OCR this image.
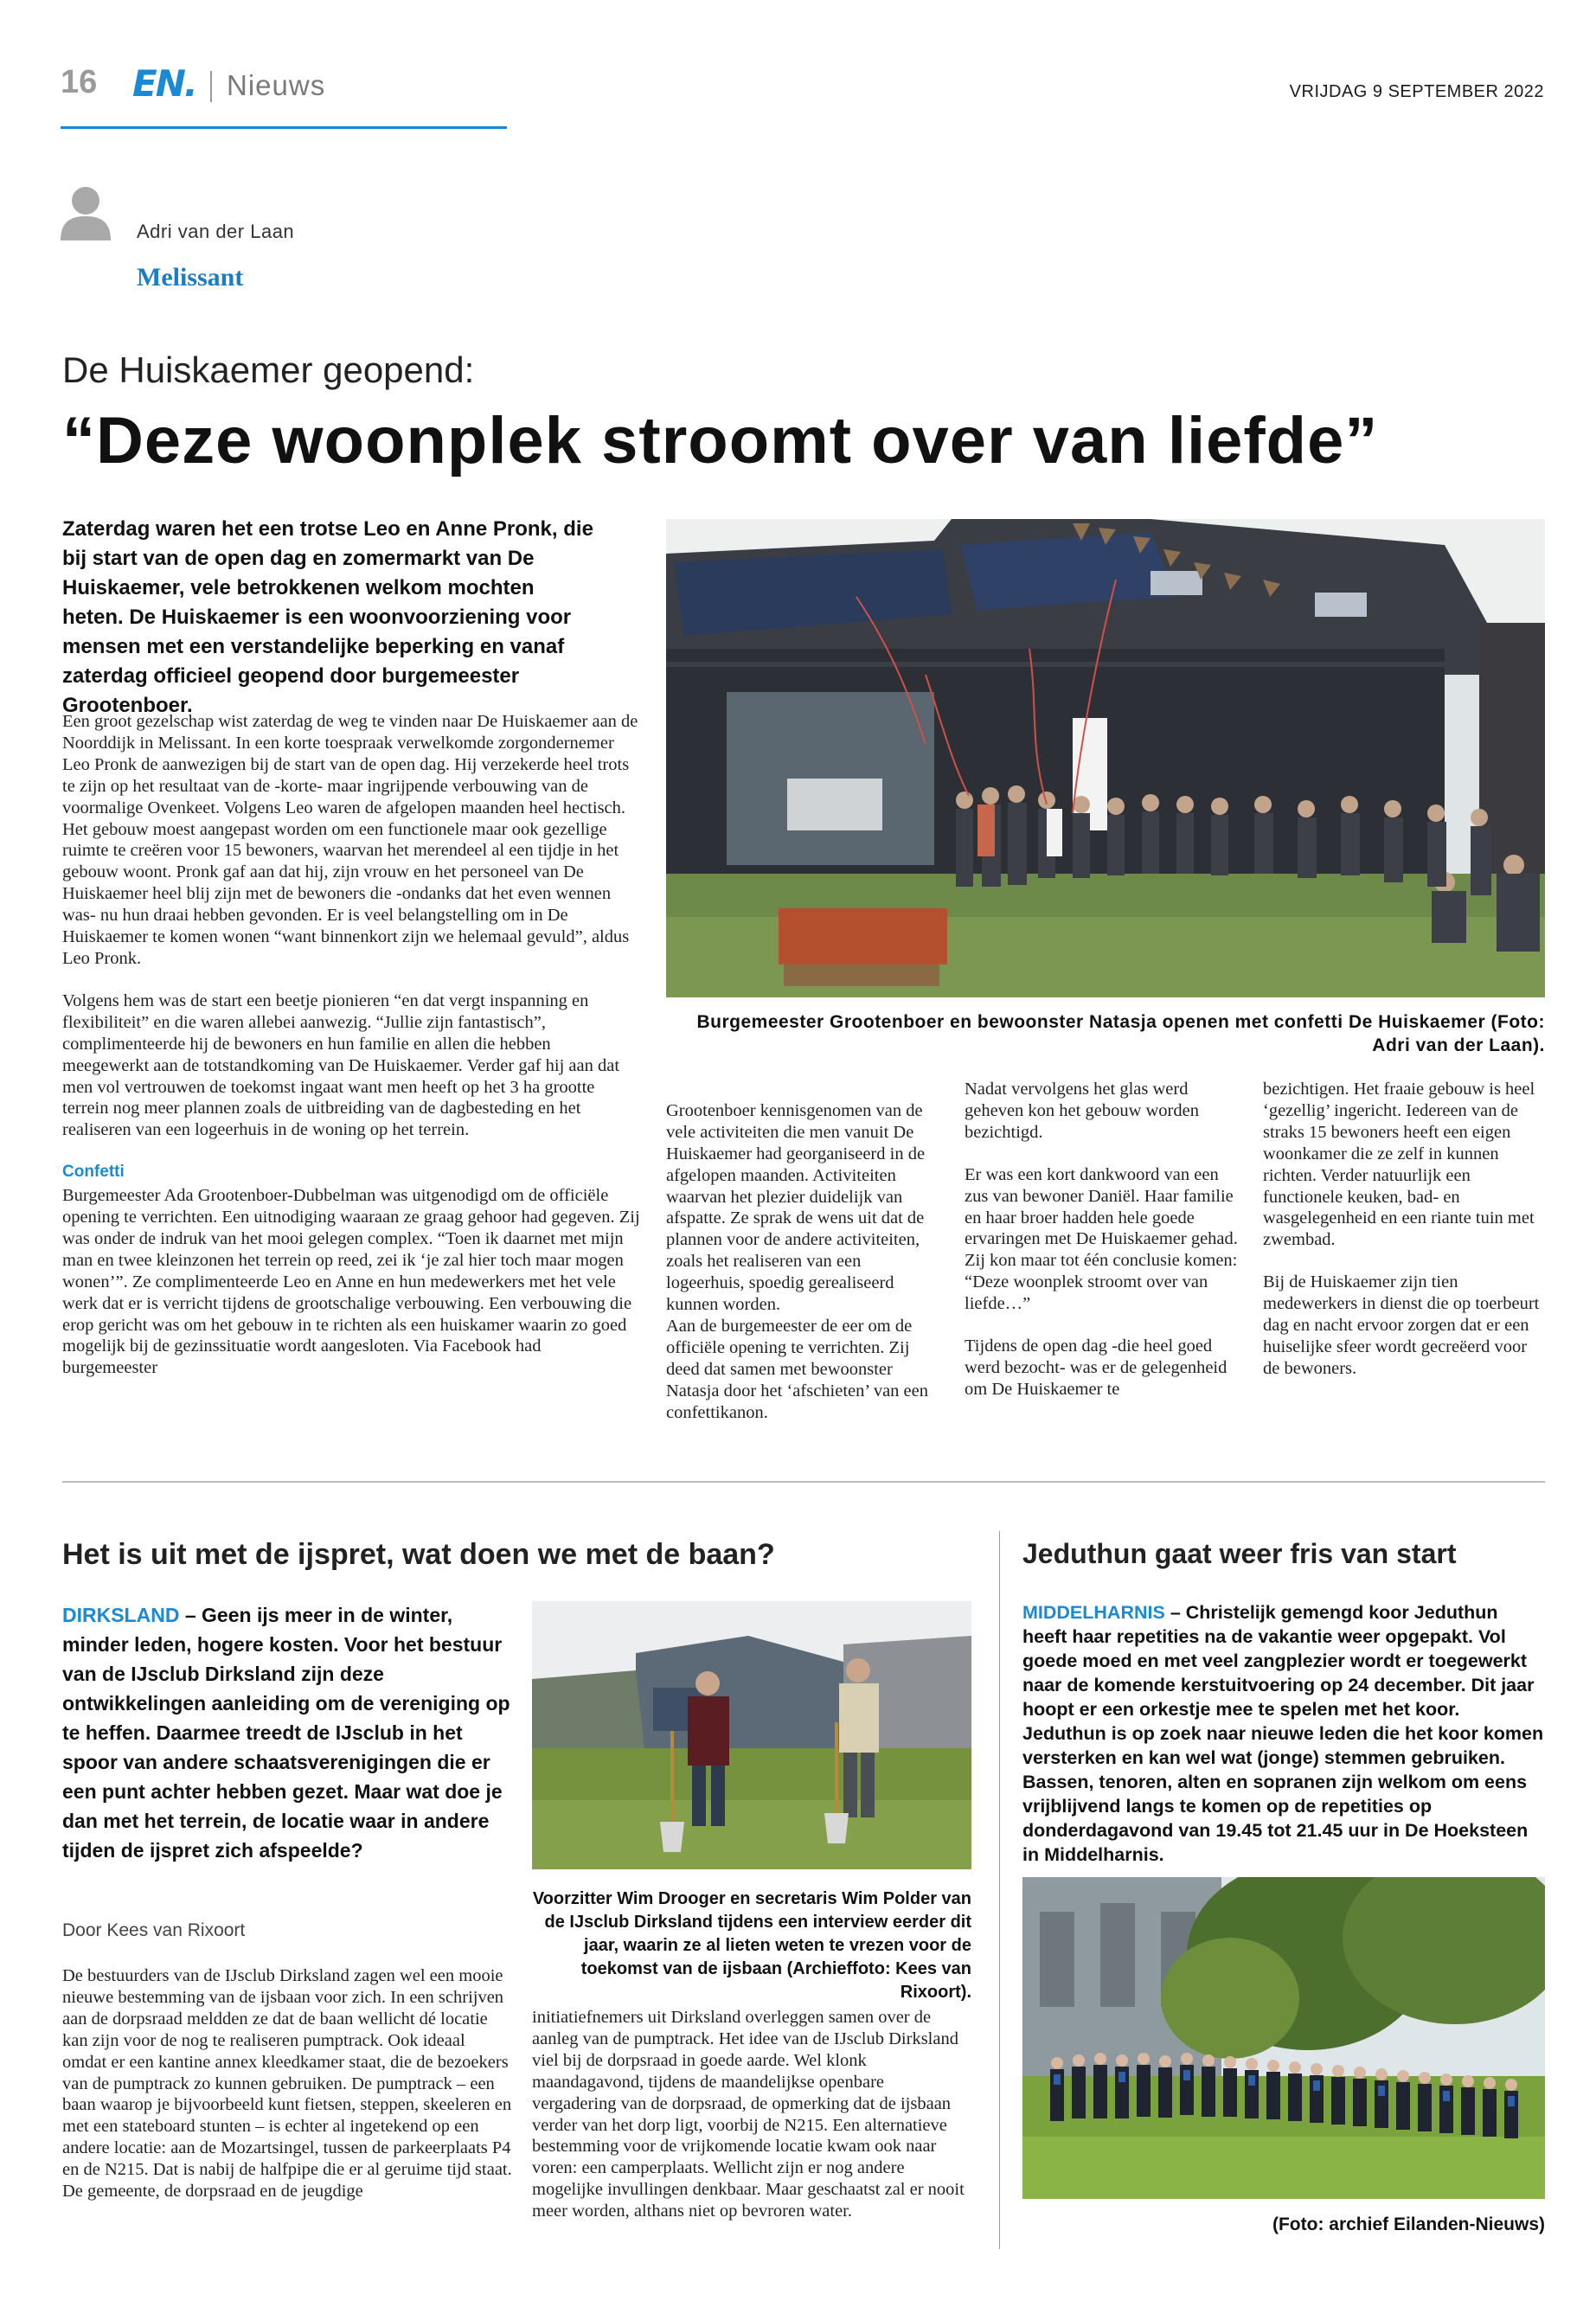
16 EN. Nieuws	VRIJDAG 9 SEPTEMBER 2022
Adri van der Laan
Melissant
De Huiskaemer geopend:
“Deze woonplek stroomt over van liefde”
Zaterdag waren het een trotse Leo en Anne Pronk, die bij start van de open dag en zomermarkt van De Huiskaemer, vele betrokkenen welkom mochten heten. De Huiskaemer is een woonvoorziening voor mensen met een verstandelijke beperking en vanaf zaterdag officieel geopend door burgemeester Grootenboer.

Een groot gezelschap wist zaterdag de weg te vinden naar De Huiskaemer aan de Noorddijk in Melissant. In een korte toespraak verwelkomde zorgondernemer Leo Pronk de aanwezigen bij de start van de open dag. Hij verzekerde heel trots te zijn op het resultaat van de -korte- maar ingrijpende verbouwing van de voormalige Ovenkeet. Volgens Leo waren de afgelopen maanden heel hectisch. Het gebouw moest aangepast worden om een functionele maar ook gezellige ruimte te creëren voor 15 bewoners, waarvan het merendeel al een tijdje in het gebouw woont. Pronk gaf aan dat hij, zijn vrouw en het personeel van De Huiskaemer heel blij zijn met de bewoners die -ondanks dat het even wennen was- nu hun draai hebben gevonden. Er is veel belangstelling om in De Huiskaemer te komen wonen “want binnenkort zijn we helemaal gevuld”, aldus Leo Pronk.

Volgens hem was de start een beetje pionieren “en dat vergt inspanning en flexibiliteit” en die waren allebei aanwezig. “Jullie zijn fantastisch”, complimenteerde hij de bewoners en hun familie en allen die hebben meegewerkt aan de totstandkoming van De Huiskaemer. Verder gaf hij aan dat men vol vertrouwen de toekomst ingaat want men heeft op het 3 ha grootte terrein nog meer plannen zoals de uitbreiding van de dagbesteding en het realiseren van een logeerhuis in de woning op het terrein.

Confetti

Burgemeester Ada Grootenboer-Dubbelman was uitgenodigd om de officiële opening te verrichten. Een uitnodiging waaraan ze graag gehoor had gegeven. Zij was onder de indruk van het mooi gelegen complex. “Toen ik daarnet met mijn man en twee kleinzonen het terrein op reed, zei ik ‘je zal hier toch maar mogen wonen’”. Ze complimenteerde Leo en Anne en hun medewerkers met het vele werk dat er is verricht tijdens de grootschalige verbouwing. Een verbouwing die erop gericht was om het gebouw in te richten als een huiskamer waarin zo goed mogelijk bij de gezinssituatie wordt aangesloten. Via Facebook had burgemeester

Burgemeester Grootenboer en bewoonster Natasja openen met confetti De Huiskaemer (Foto: Adri van der Laan).

Grootenboer kennisgenomen van de vele activiteiten die men vanuit De Huiskaemer had georganiseerd in de afgelopen maanden. Activiteiten waarvan het plezier duidelijk van afspatte. Ze sprak de wens uit dat de plannen voor de andere activiteiten, zoals het realiseren van een logeerhuis, spoedig gerealiseerd kunnen worden.
Aan de burgemeester de eer om de officiële opening te verrichten. Zij deed dat samen met bewoonster Natasja door het ‘afschieten’ van een confettikanon.

Nadat vervolgens het glas werd geheven kon het gebouw worden bezichtigd.

Er was een kort dankwoord van een zus van bewoner Daniël. Haar familie en haar broer hadden hele goede ervaringen met De Huiskaemer gehad. Zij kon maar tot één conclusie komen: “Deze woonplek stroomt over van liefde…”

Tijdens de open dag -die heel goed werd bezocht- was er de gelegenheid om De Huiskaemer te

bezichtigen. Het fraaie gebouw is heel ‘gezellig’ ingericht. Iedereen van de straks 15 bewoners heeft een eigen woonkamer die ze zelf in kunnen richten. Verder natuurlijk een functionele keuken, bad- en wasgelegenheid en een riante tuin met zwembad.

Bij de Huiskaemer zijn tien medewerkers in dienst die op toerbeurt dag en nacht ervoor zorgen dat er een huiselijke sfeer wordt gecreëerd voor de bewoners.

Het is uit met de ijspret, wat doen we met de baan?
DIRKSLAND – Geen ijs meer in de winter, minder leden, hogere kosten. Voor het bestuur van de IJsclub Dirksland zijn deze ontwikkelingen aanleiding om de vereniging op te heffen. Daarmee treedt de IJsclub in het spoor van andere schaatsverenigingen die er een punt achter hebben gezet. Maar wat doe je dan met het terrein, de locatie waar in andere tijden de ijspret zich afspeelde?
Door Kees van Rixoort

De bestuurders van de IJsclub Dirksland zagen wel een mooie nieuwe bestemming van de ijsbaan voor zich. In een schrijven aan de dorpsraad meldden ze dat de baan wellicht dé locatie kan zijn voor de nog te realiseren pumptrack. Ook ideaal omdat er een kantine annex kleedkamer staat, die de bezoekers van de pumptrack zo kunnen gebruiken. De pumptrack – een baan waarop je bijvoorbeeld kunt fietsen, steppen, skeeleren en met een stateboard stunten – is echter al ingetekend op een andere locatie: aan de Mozartsingel, tussen de parkeerplaats P4 en de N215. Dat is nabij de halfpipe die er al geruime tijd staat. De gemeente, de dorpsraad en de jeugdige

Voorzitter Wim Drooger en secretaris Wim Polder van de IJsclub Dirksland tijdens een interview eerder dit jaar, waarin ze al lieten weten te vrezen voor de toekomst van de ijsbaan (Archieffoto: Kees van Rixoort).

initiatiefnemers uit Dirksland overleggen samen over de aanleg van de pumptrack. Het idee van de IJsclub Dirksland viel bij de dorpsraad in goede aarde. Wel klonk maandagavond, tijdens de maandelijkse openbare vergadering van de dorpsraad, de opmerking dat de ijsbaan verder van het dorp ligt, voorbij de N215. Een alternatieve bestemming voor de vrijkomende locatie kwam ook naar voren: een camperplaats. Wellicht zijn er nog andere mogelijke invullingen denkbaar. Maar geschaatst zal er nooit meer worden, althans niet op bevroren water.

Jeduthun gaat weer fris van start
MIDDELHARNIS – Christelijk gemengd koor Jeduthun heeft haar repetities na de vakantie weer opgepakt. Vol goede moed en met veel zangplezier wordt er toegewerkt naar de komende kerstuitvoering op 24 december. Dit jaar hoopt er een orkestje mee te spelen met het koor. Jeduthun is op zoek naar nieuwe leden die het koor komen versterken en kan wel wat (jonge) stemmen gebruiken. Bassen, tenoren, alten en sopranen zijn welkom om eens vrijblijvend langs te komen op de repetities op donderdagavond van 19.45 tot 21.45 uur in De Hoeksteen in Middelharnis.
(Foto: archief Eilanden-Nieuws)
